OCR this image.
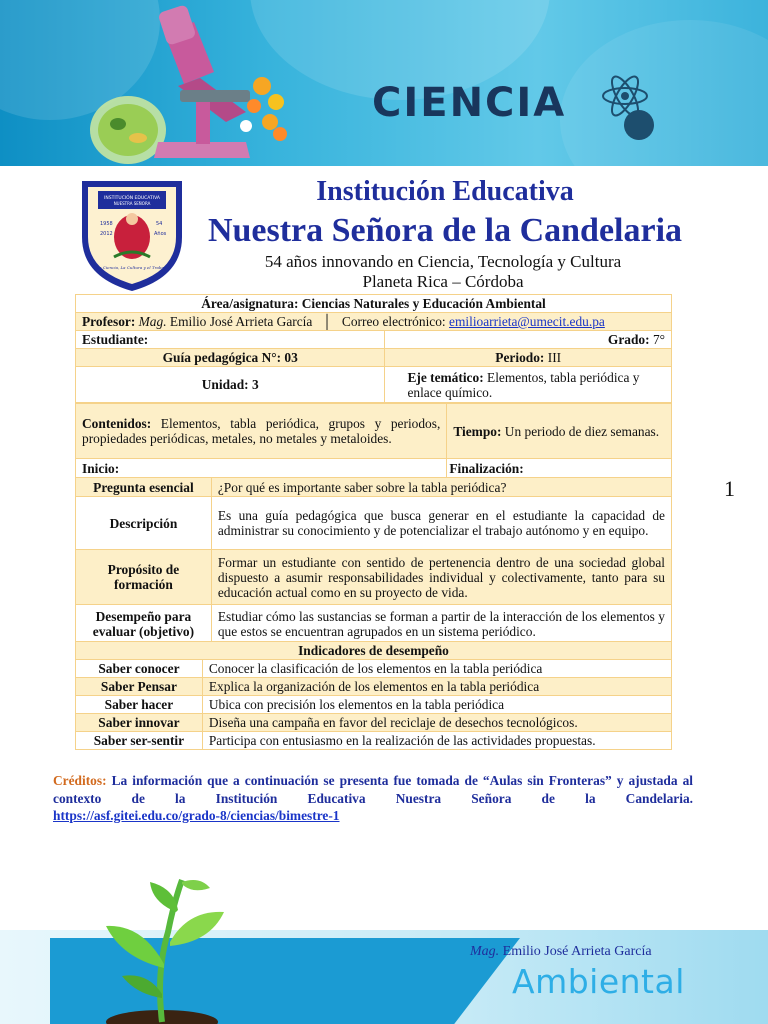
CIENCIA
INSTITUCIÓN EDUCATIVA
NUESTRA SEÑORA
1958
2012
54
Años
La Ciencia, La Cultura y el Trabajo
Institución Educativa
Nuestra Señora de la Candelaria
54 años innovando en Ciencia, Tecnología y Cultura
Planeta Rica – Córdoba
Área/asignatura: Ciencias Naturales y Educación Ambiental	
Profesor: Mag. Emilio José Arrieta García   │   Correo electrónico: emilioarrieta@umecit.edu.pa	
Estudiante:	Grado: 7°
Guía pedagógica N°: 03	Periodo: III
Unidad: 3	Eje temático: Elementos, tabla periódica y enlace químico.
Contenidos: Elementos, tabla periódica, grupos y periodos, propiedades periódicas, metales, no metales y metaloides.	Tiempo: Un periodo de diez semanas.
Inicio:	Finalización:
Pregunta esencial	¿Por qué es importante saber sobre la tabla periódica?
Descripción	Es una guía pedagógica que busca generar en el estudiante la capacidad de administrar su conocimiento y de potencializar el trabajo autónomo y en equipo.
Propósito de formación	Formar un estudiante con sentido de pertenencia dentro de una sociedad global dispuesto a asumir responsabilidades individual y colectivamente, tanto para su educación actual como en su proyecto de vida.
Desempeño para evaluar (objetivo)	Estudiar cómo las sustancias se forman a partir de la interacción de los elementos y que estos se encuentran agrupados en un sistema periódico.
Indicadores de desempeño	
Saber conocer	Conocer la clasificación de los elementos en la tabla periódica
Saber Pensar	Explica la organización de los elementos en la tabla periódica
Saber hacer	Ubica con precisión los elementos en la tabla periódica
Saber innovar	Diseña una campaña en favor del reciclaje de desechos tecnológicos.
Saber ser-sentir	Participa con entusiasmo en la realización de las actividades propuestas.
1
Créditos: La información que a continuación se presenta fue tomada de “Aulas sin Fronteras” y ajustada al contexto de la Institución Educativa Nuestra Señora de la Candelaria.
https://asf.gitei.edu.co/grado-8/ciencias/bimestre-1
Mag. Emilio José Arrieta García
Ambiental
